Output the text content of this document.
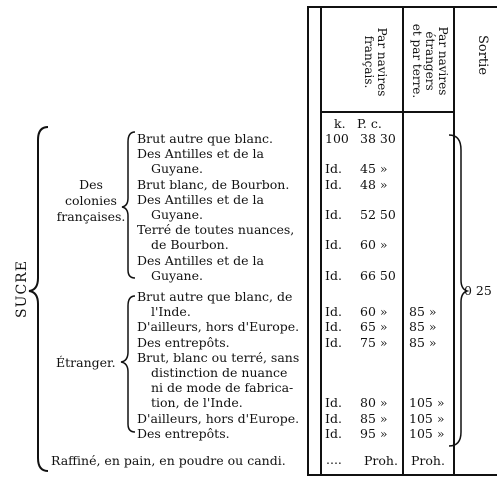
Par navires
français.	Par navires
étrangers
et par terre.	Sortie
k. P. c.
SUCRE
Des
colonies
françaises.
Étranger.
Brut autre que blanc.	100 38 30
Des Antilles et de la
Guyane.	Id. 45 »
Brut blanc, de Bourbon.	Id. 48 »
Des Antilles et de la
Guyane.	Id. 52 50
Terré de toutes nuances,
de Bourbon.	Id. 60 »
Des Antilles et de la
Guyane.	Id. 66 50
Brut autre que blanc, de
l'Inde.	Id. 60 » 85 »
D'ailleurs, hors d'Europe. Id. 65 » 85 »
Des entrepôts.	Id. 75 » 85 »
Brut, blanc ou terré, sans
distinction de nuance
ni de mode de fabrica-
tion, de l'Inde.	Id. 80 » 105 »
D'ailleurs, hors d'Europe. Id. 85 » 105 »
Des entrepôts.	Id. 95 » 105 »
0 25
Raffiné, en pain, en poudre ou candi.	.... Proh. Proh.
